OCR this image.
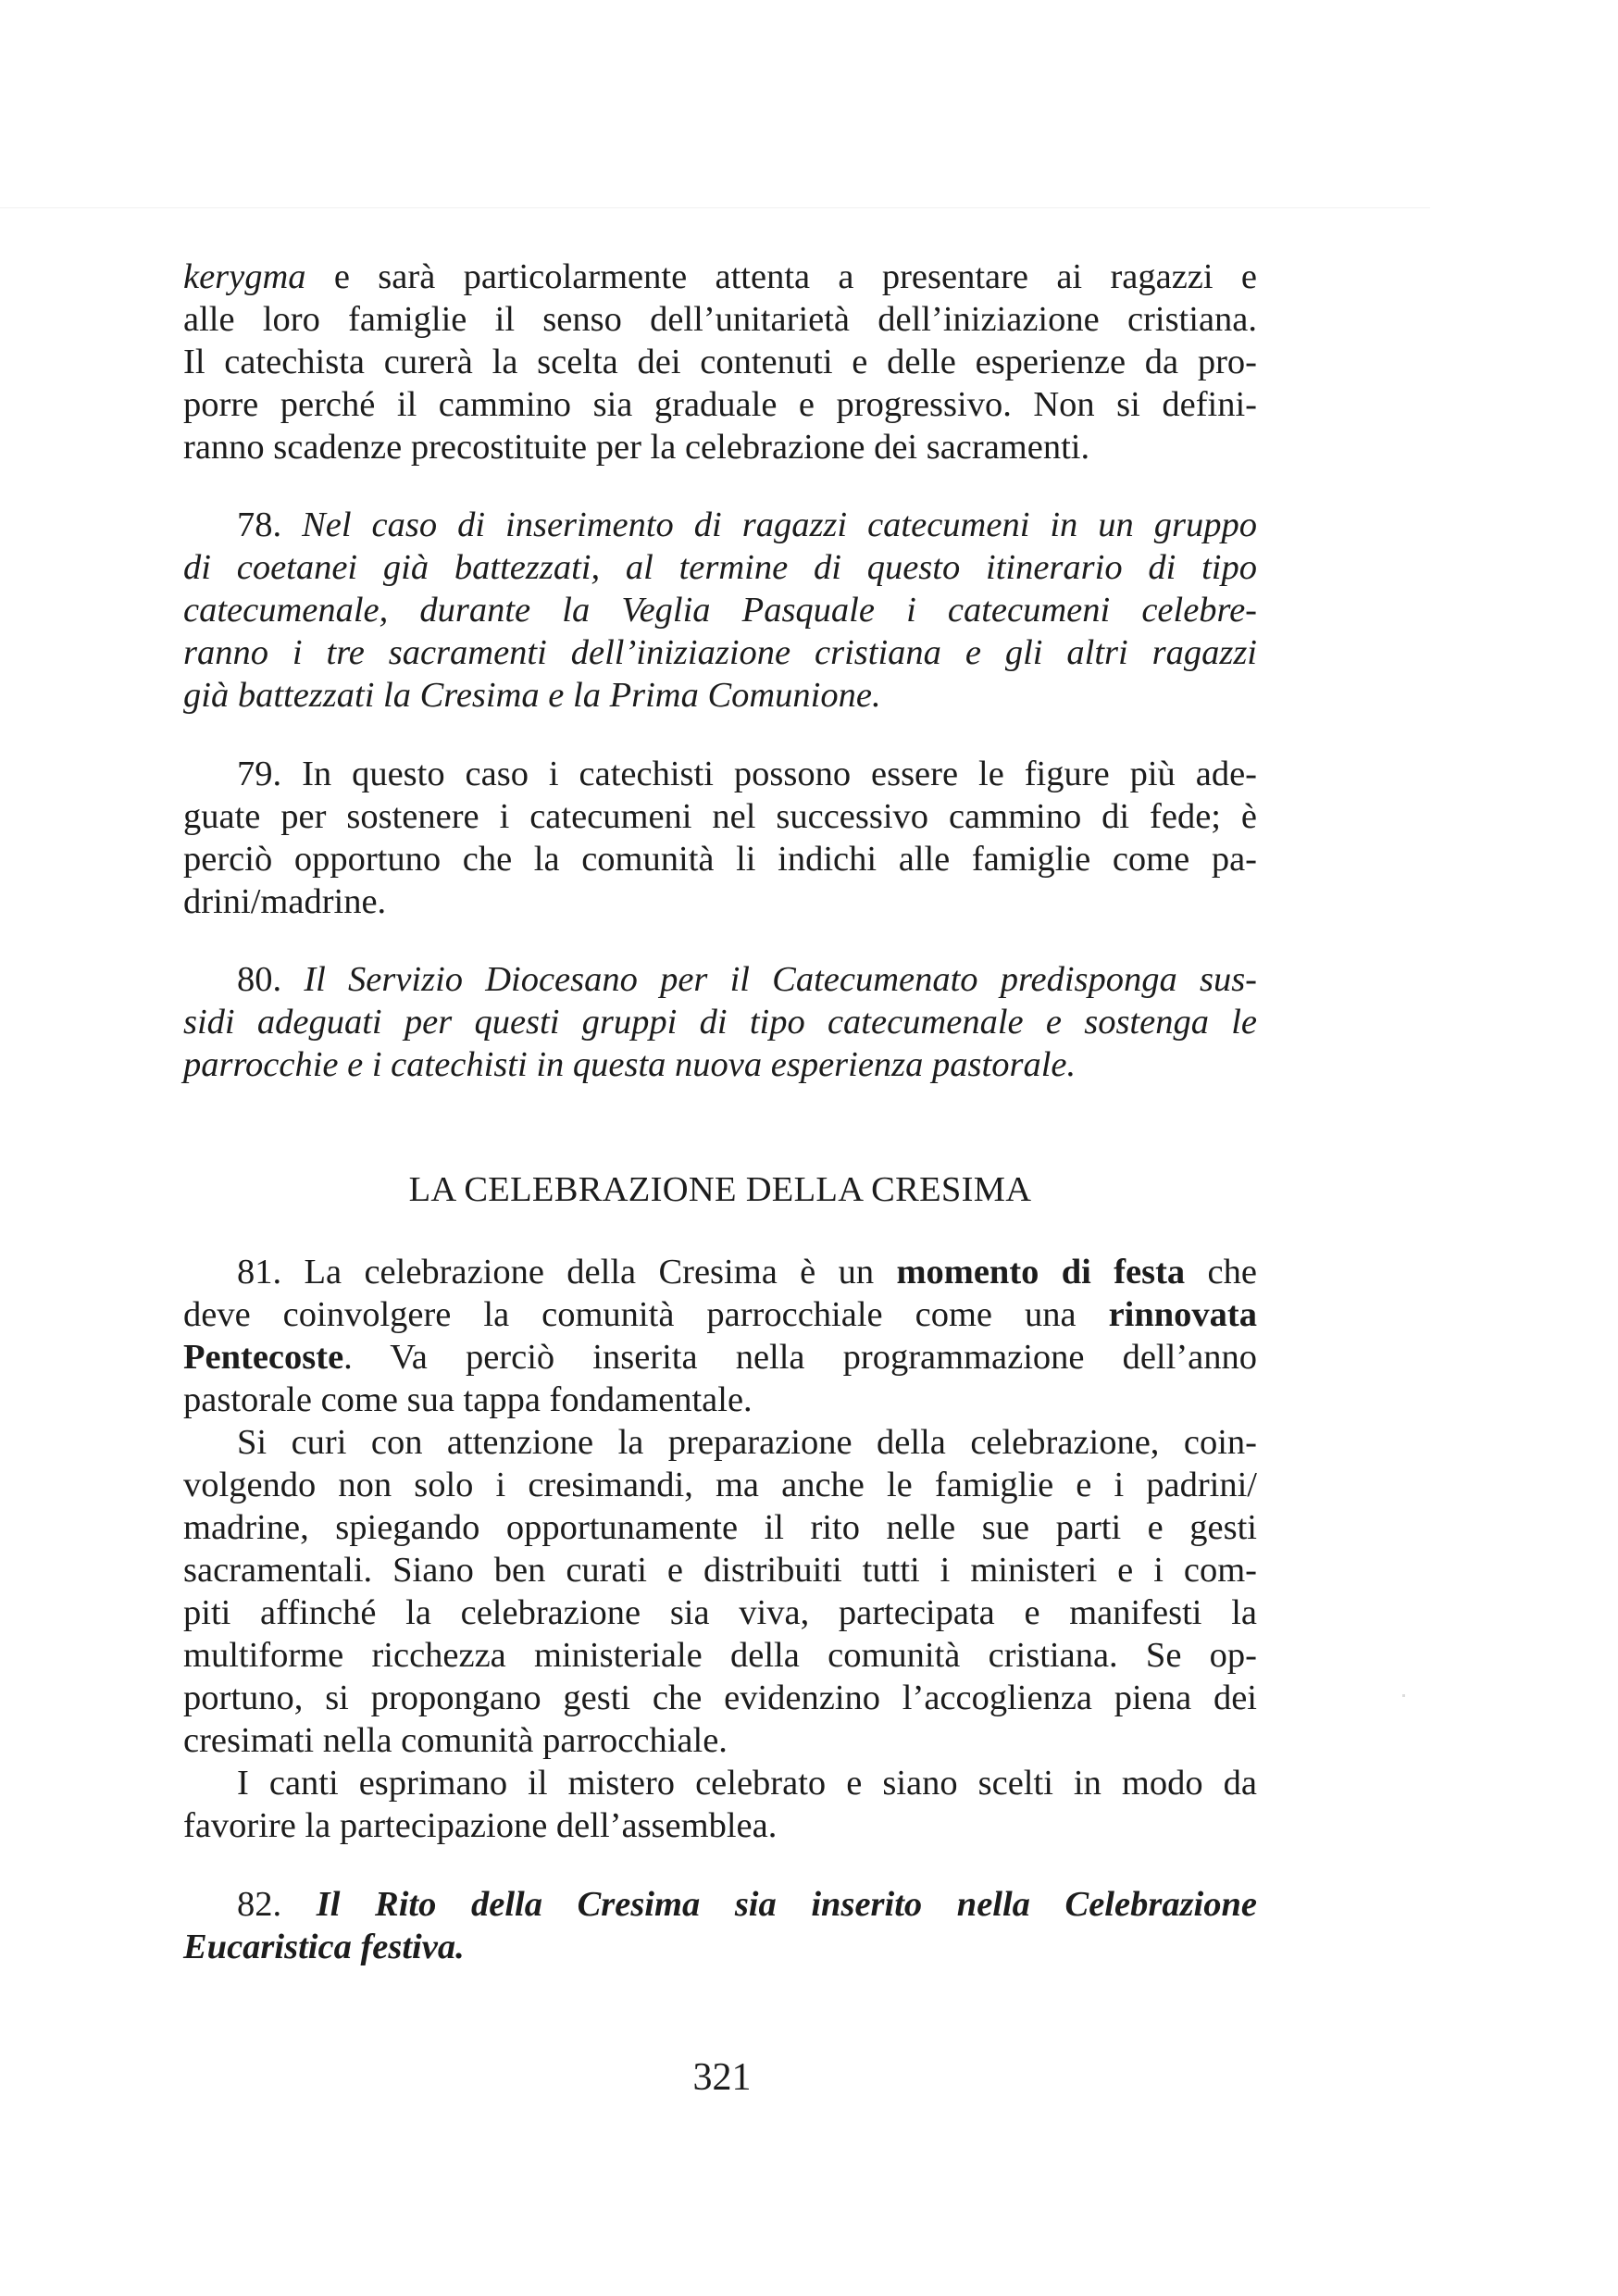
kerygma e sarà particolarmente attenta a presentare ai ragazzi e
alle loro famiglie il senso dell’unitarietà dell’iniziazione cristiana.
Il catechista curerà la scelta dei contenuti e delle esperienze da pro-
porre perché il cammino sia graduale e progressivo. Non si defini-
ranno scadenze precostituite per la celebrazione dei sacramenti.
78. Nel caso di inserimento di ragazzi catecumeni in un gruppo
di coetanei già battezzati, al termine di questo itinerario di tipo
catecumenale, durante la Veglia Pasquale i catecumeni celebre-
ranno i tre sacramenti dell’iniziazione cristiana e gli altri ragazzi
già battezzati la Cresima e la Prima Comunione.
79. In questo caso i catechisti possono essere le figure più ade-
guate per sostenere i catecumeni nel successivo cammino di fede; è
perciò opportuno che la comunità li indichi alle famiglie come pa-
drini/madrine.
80. Il Servizio Diocesano per il Catecumenato predisponga sus-
sidi adeguati per questi gruppi di tipo catecumenale e sostenga le
parrocchie e i catechisti in questa nuova esperienza pastorale.
LA CELEBRAZIONE DELLA CRESIMA
81. La celebrazione della Cresima è un momento di festa che
deve coinvolgere la comunità parrocchiale come una rinnovata
Pentecoste. Va perciò inserita nella programmazione dell’anno
pastorale come sua tappa fondamentale.
Si curi con attenzione la preparazione della celebrazione, coin-
volgendo non solo i cresimandi, ma anche le famiglie e i padrini/
madrine, spiegando opportunamente il rito nelle sue parti e gesti
sacramentali. Siano ben curati e distribuiti tutti i ministeri e i com-
piti affinché la celebrazione sia viva, partecipata e manifesti la
multiforme ricchezza ministeriale della comunità cristiana. Se op-
portuno, si propongano gesti che evidenzino l’accoglienza piena dei
cresimati nella comunità parrocchiale.
I canti esprimano il mistero celebrato e siano scelti in modo da
favorire la partecipazione dell’assemblea.
82. Il Rito della Cresima sia inserito nella Celebrazione
Eucaristica festiva.
321
